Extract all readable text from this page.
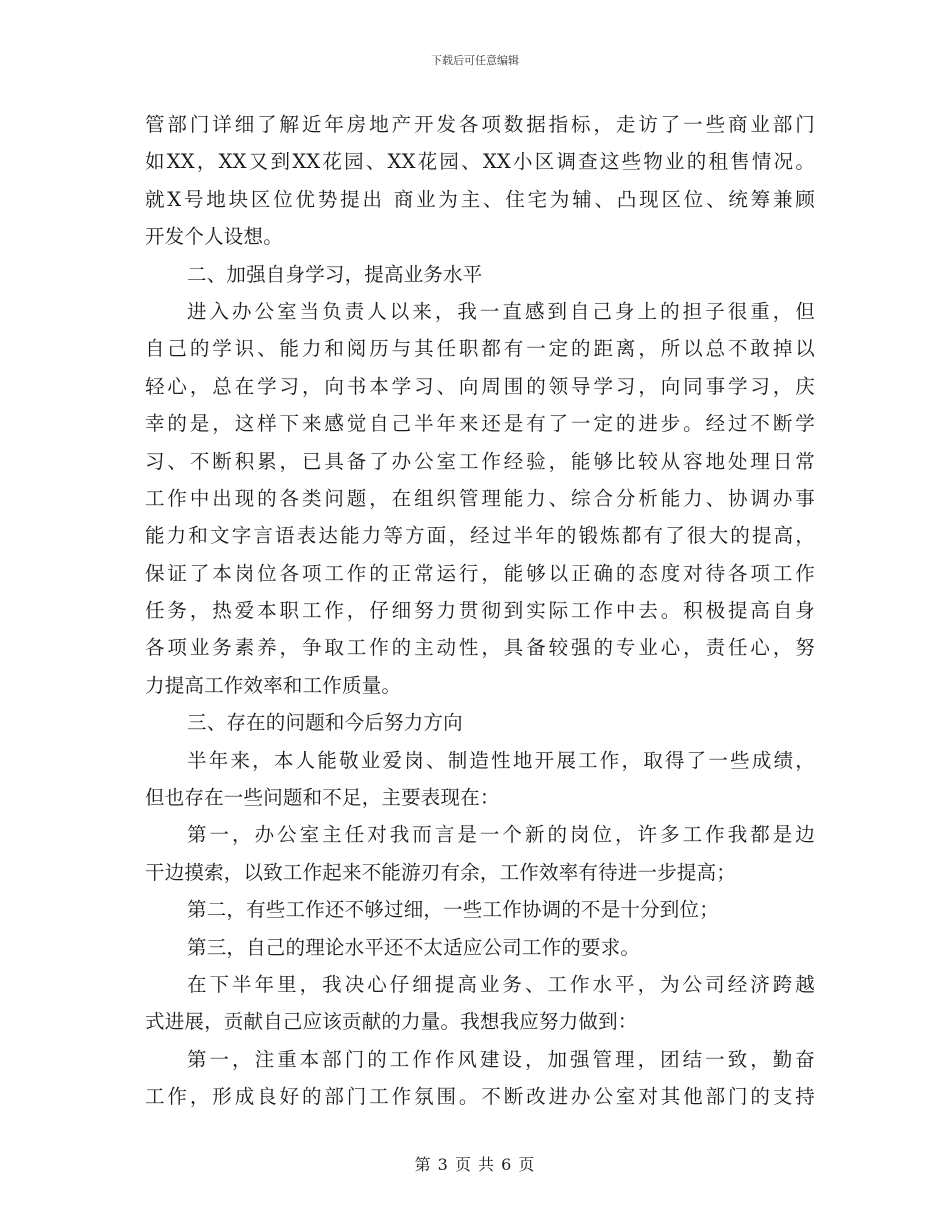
下载后可任意编辑
管部门详细了解近年房地产开发各项数据指标，走访了一些商业部门
如XX，XX又到XX花园、XX花园、XX小区调查这些物业的租售情况。
就X号地块区位优势提出 商业为主、住宅为辅、凸现区位、统筹兼顾
开发个人设想。
二、加强自身学习，提高业务水平
进入办公室当负责人以来，我一直感到自己身上的担子很重，但
自己的学识、能力和阅历与其任职都有一定的距离，所以总不敢掉以
轻心，总在学习，向书本学习、向周围的领导学习，向同事学习，庆
幸的是，这样下来感觉自己半年来还是有了一定的进步。经过不断学
习、不断积累，已具备了办公室工作经验，能够比较从容地处理日常
工作中出现的各类问题，在组织管理能力、综合分析能力、协调办事
能力和文字言语表达能力等方面，经过半年的锻炼都有了很大的提高，
保证了本岗位各项工作的正常运行，能够以正确的态度对待各项工作
任务，热爱本职工作，仔细努力贯彻到实际工作中去。积极提高自身
各项业务素养，争取工作的主动性，具备较强的专业心，责任心，努
力提高工作效率和工作质量。
三、存在的问题和今后努力方向
半年来，本人能敬业爱岗、制造性地开展工作，取得了一些成绩，
但也存在一些问题和不足，主要表现在：
第一，办公室主任对我而言是一个新的岗位，许多工作我都是边
干边摸索，以致工作起来不能游刃有余，工作效率有待进一步提高；
第二，有些工作还不够过细，一些工作协调的不是十分到位；
第三，自己的理论水平还不太适应公司工作的要求。
在下半年里，我决心仔细提高业务、工作水平，为公司经济跨越
式进展，贡献自己应该贡献的力量。我想我应努力做到：
第一，注重本部门的工作作风建设，加强管理，团结一致，勤奋
工作，形成良好的部门工作氛围。不断改进办公室对其他部门的支持
第 3 页 共 6 页
